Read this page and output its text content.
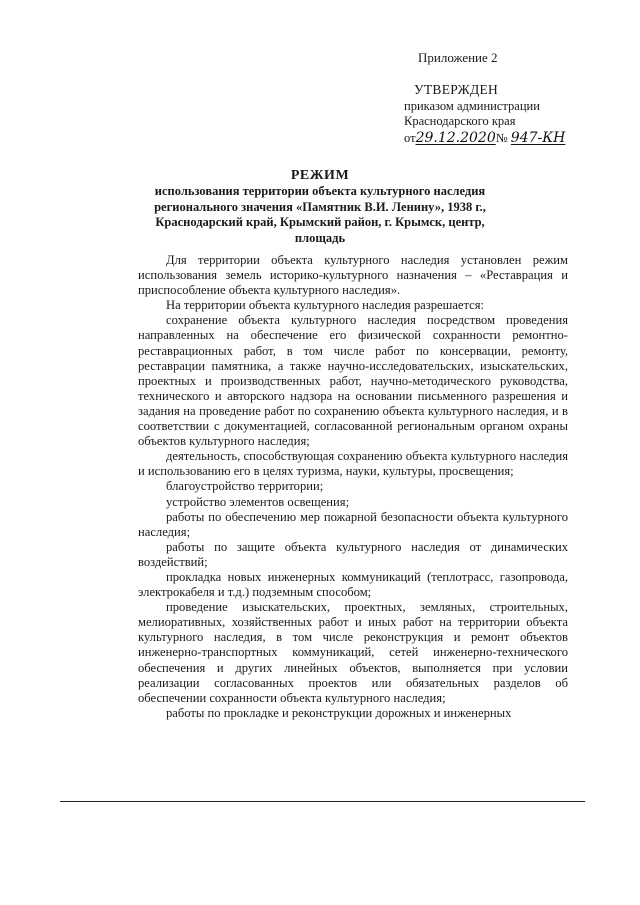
Приложение 2
УТВЕРЖДЕН
приказом администрации
Краснодарского края
от29.12.2020№ 947-КН
РЕЖИМ
использования территории объекта культурного наследия регионального значения «Памятник В.И. Ленину», 1938 г., Краснодарский край, Крымский район, г. Крымск, центр, площадь

Для территории объекта культурного наследия установлен режим использования земель историко-культурного назначения – «Реставрация и приспособление объекта культурного наследия».

На территории объекта культурного наследия разрешается:

сохранение объекта культурного наследия посредством проведения направленных на обеспечение его физической сохранности ремонтно-реставрационных работ, в том числе работ по консервации, ремонту, реставрации памятника, а также научно-исследовательских, изыскательских, проектных и производственных работ, научно-методического руководства, технического и авторского надзора на основании письменного разрешения и задания на проведение работ по сохранению объекта культурного наследия, и в соответствии с документацией, согласованной региональным органом охраны объектов культурного наследия;

деятельность, способствующая сохранению объекта культурного наследия и использованию его в целях туризма, науки, культуры, просвещения;

благоустройство территории;

устройство элементов освещения;

работы по обеспечению мер пожарной безопасности объекта культурного наследия;

работы по защите объекта культурного наследия от динамических воздействий;

прокладка новых инженерных коммуникаций (теплотрасс, газопровода, электрокабеля и т.д.) подземным способом;

проведение изыскательских, проектных, земляных, строительных, мелиоративных, хозяйственных работ и иных работ на территории объекта культурного наследия, в том числе реконструкция и ремонт объектов инженерно-транспортных коммуникаций, сетей инженерно-технического обеспечения и других линейных объектов, выполняется при условии реализации согласованных проектов или обязательных разделов об обеспечении сохранности объекта культурного наследия;

работы по прокладке и реконструкции дорожных и инженерных
